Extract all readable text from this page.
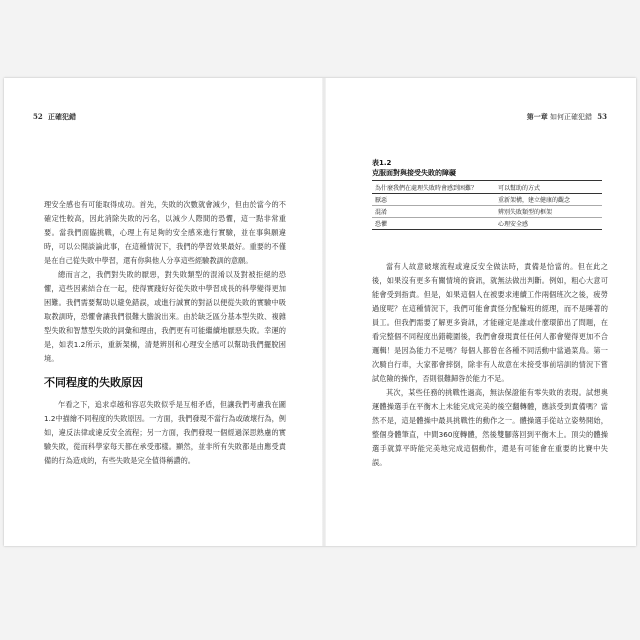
52 正確犯錯

理安全感也有可能取得成功。首先，失敗的次數就會減少，但由於當今的不確定性較高，因此消除失敗的污名，以減少人際間的恐懼，這一點非常重要。當我們面臨挑戰，心理上有足夠的安全感來進行實驗，並在事與願違時，可以公開談論此事，在這種情況下，我們的學習效果最好。重要的不僅是在自己從失敗中學習，還有你與他人分享這些經驗教訓的意願。

總而言之，我們對失敗的厭惡，對失敗類型的混淆以及對被拒絕的恐懼，這些因素結合在一起，使得實踐好好從失敗中學習成長的科學變得更加困難。我們需要幫助以避免錯誤，或進行誠實的對話以便從失敗的實驗中吸取教訓時，恐懼會讓我們很難大膽說出來。由於缺乏區分基本型失敗、複雜型失敗和智慧型失敗的詞彙和理由，我們更有可能繼續地厭惡失敗。幸運的是，如表1.2所示，重新架構，清楚辨別和心理安全感可以幫助我們擺脫困境。

不同程度的失敗原因

乍看之下，追求卓越和容忍失敗似乎是互相矛盾，但讓我們考慮我在圖1.2中描繪不同程度的失敗原因。一方面，我們發現不當行為或破壞行為，例如，違反法律或違反安全流程；另一方面，我們發現一個經過深思熟慮的實驗失敗，從而科學家每天都在承受那樣。顯然，並非所有失敗都是由應受責備的行為造成的，有些失敗是完全值得稱讚的。

第一章 如何正確犯錯 53
表1.2
克服面對與接受失敗的障礙
為什麼我們在處理失敗時會感到困難？	可以幫助的方式
厭惡	重新架構，建立健康的觀念
混淆	辨別失敗類型的框架
恐懼	心理安全感

當有人故意破壞流程或違反安全做法時，責備是恰當的。但在此之後，如果沒有更多有關情境的資訊，就無法做出判斷。例如，粗心大意可能會受到指責。但是，如果這個人在被要求連續工作兩個班次之後，疲勞過度呢？在這種情況下，我們可能會責怪分配輪班的經理，而不是睡著的員工。但我們需要了解更多資訊，才能確定是誰或什麼環節出了問題，在看完整個不同程度出錯範圍後，我們會發現責任任何人都會變得更加不合邏輯！是因為能力不足嗎？每個人都曾在各種不同活動中當過菜鳥。第一次騎自行車，大家都會摔倒，除非有人故意在未接受事前培訓的情況下嘗試危險的操作，否則很難歸咎於能力不足。

其次，某些任務的挑戰性過高，無法保證能有零失敗的表現。試想奧運體操選手在平衡木上未能完成完美的後空翻轉體，應該受到責備嗎？當然不是，這是體操中最具挑戰性的動作之一。體操選手從站立姿勢開始，整個身體筆直，中間360度轉體，然後雙腳落回到平衡木上。頂尖的體操選手就算平時能完美地完成這個動作，還是有可能會在重要的比賽中失誤。
